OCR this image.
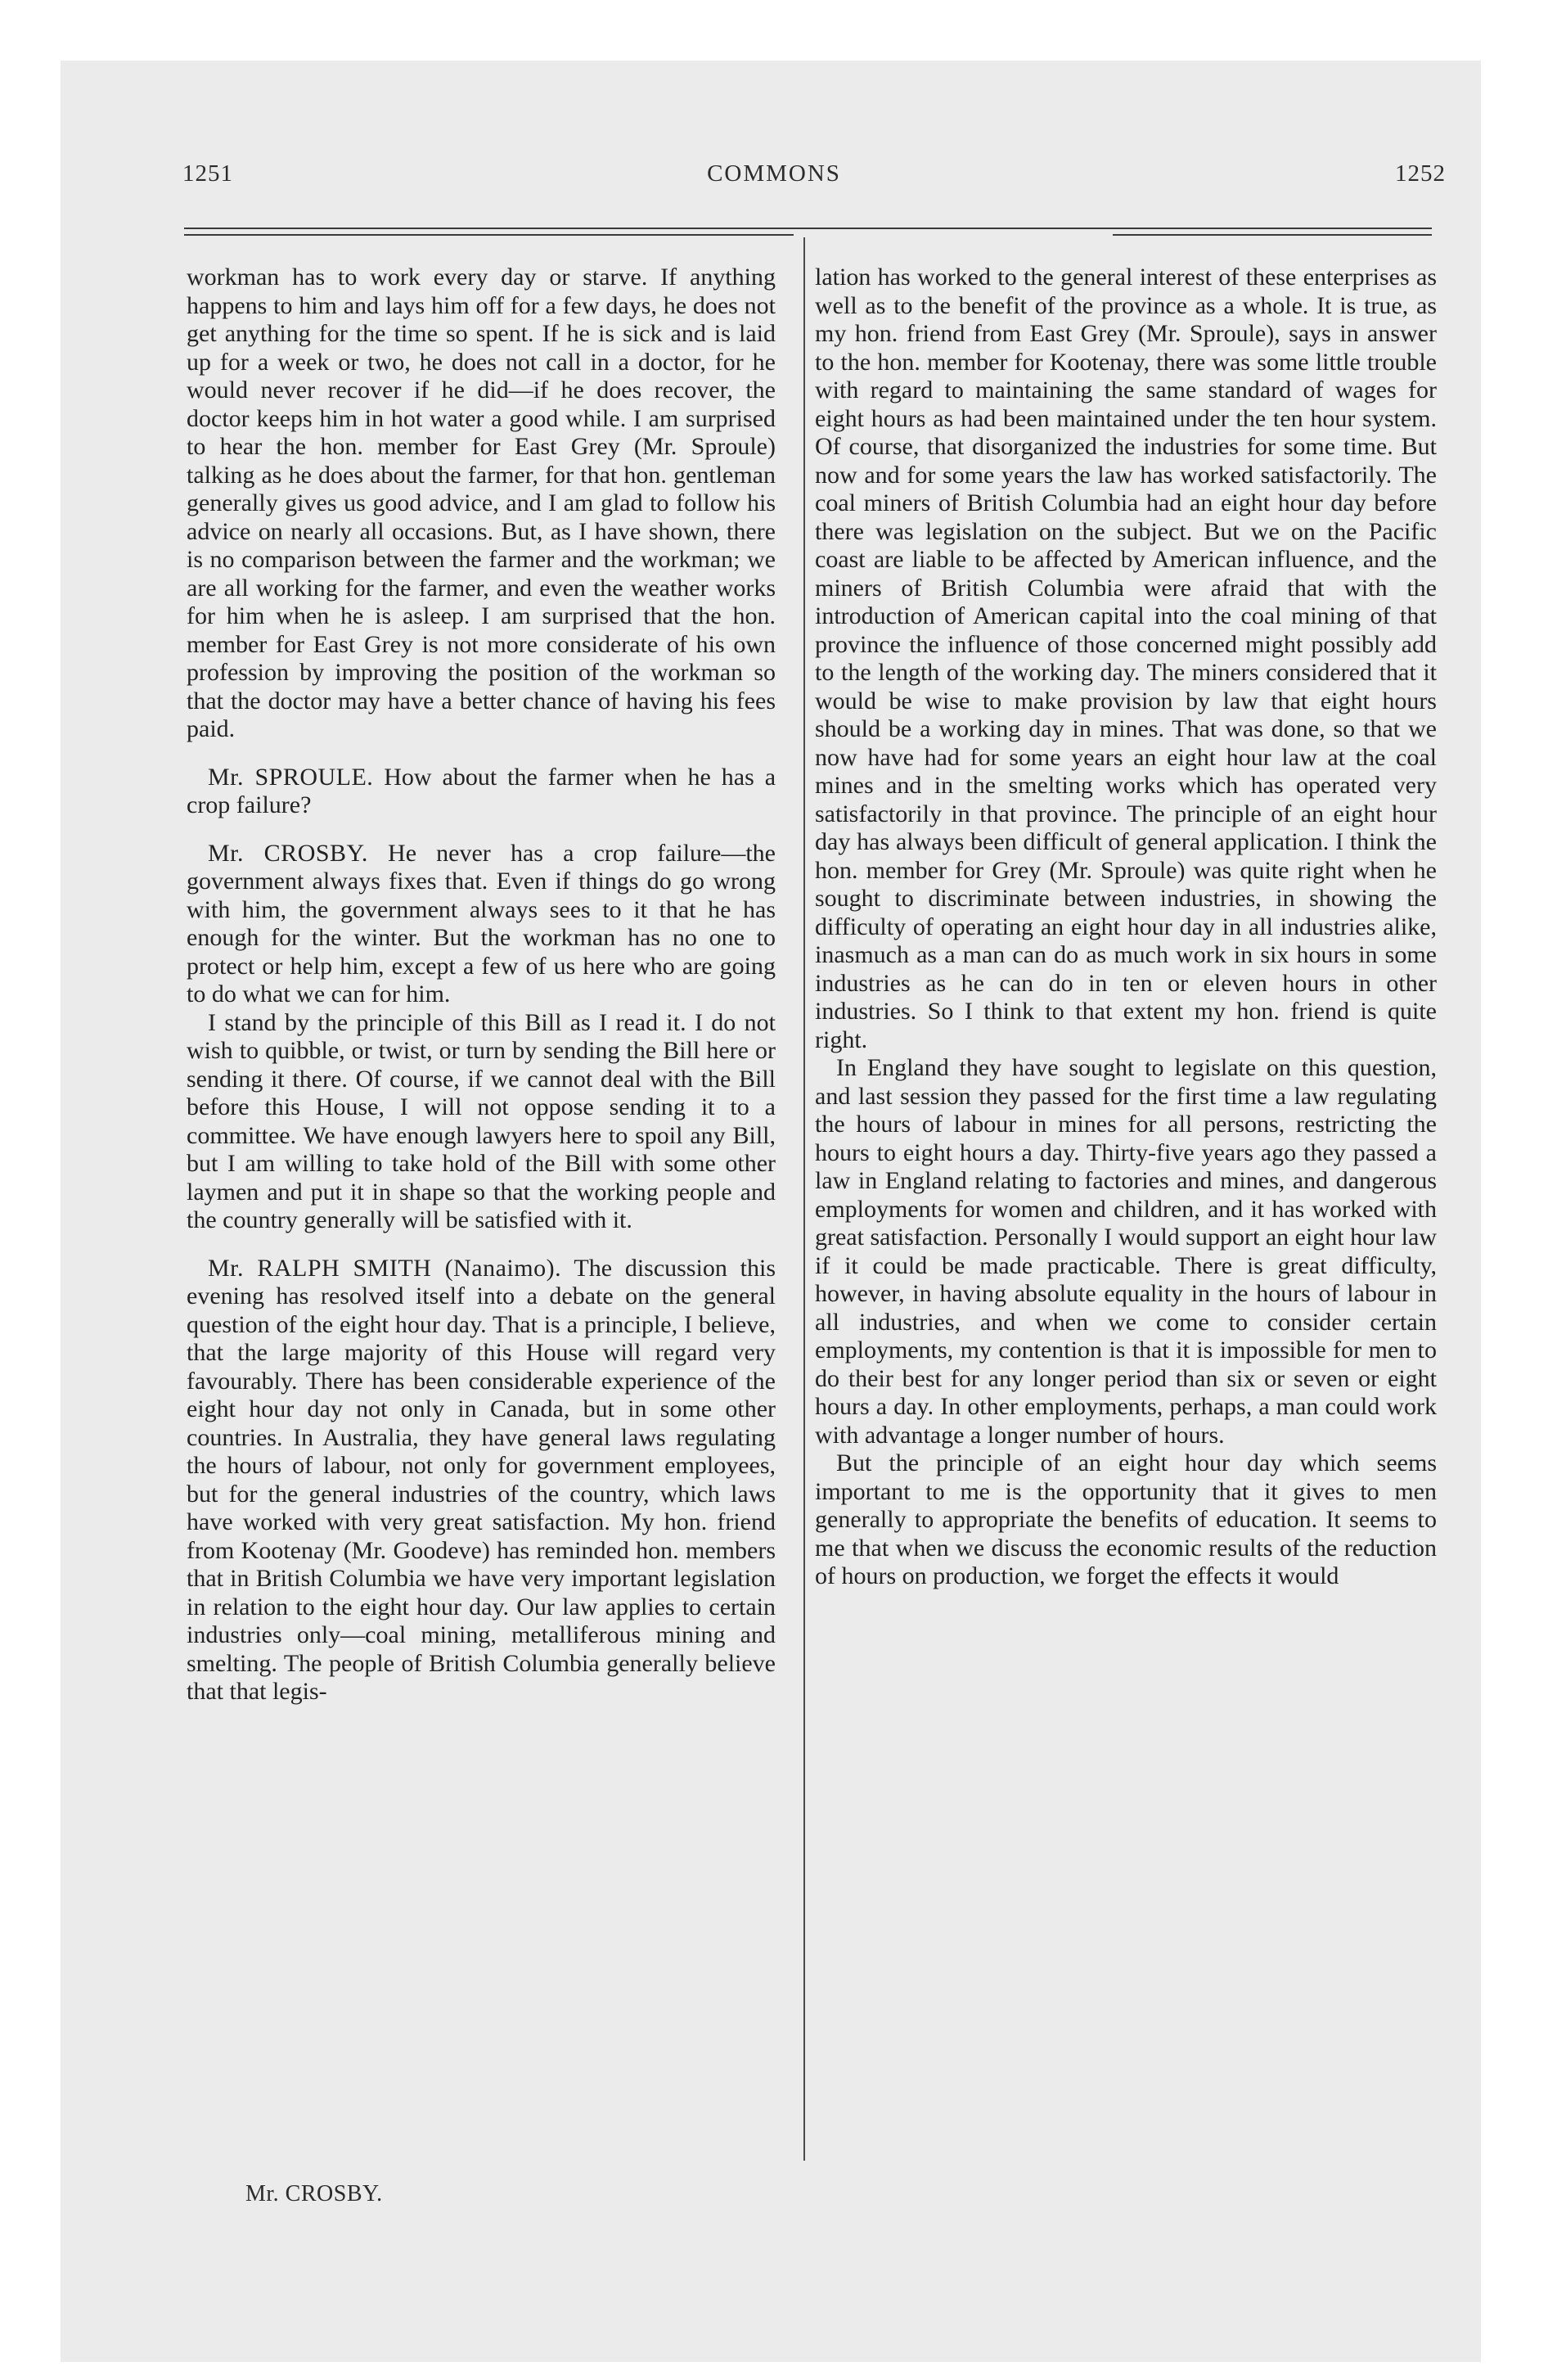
1251	COMMONS	1252

workman has to work every day or starve. If anything happens to him and lays him off for a few days, he does not get anything for the time so spent. If he is sick and is laid up for a week or two, he does not call in a doctor, for he would never recover if he did—if he does recover, the doctor keeps him in hot water a good while. I am surprised to hear the hon. member for East Grey (Mr. Sproule) talking as he does about the farmer, for that hon. gentleman generally gives us good advice, and I am glad to follow his advice on nearly all occasions. But, as I have shown, there is no comparison between the farmer and the workman; we are all working for the farmer, and even the weather works for him when he is asleep. I am surprised that the hon. member for East Grey is not more considerate of his own profession by improving the position of the workman so that the doctor may have a better chance of having his fees paid.

Mr. SPROULE. How about the farmer when he has a crop failure?

Mr. CROSBY. He never has a crop failure—the government always fixes that. Even if things do go wrong with him, the government always sees to it that he has enough for the winter. But the workman has no one to protect or help him, except a few of us here who are going to do what we can for him.

I stand by the principle of this Bill as I read it. I do not wish to quibble, or twist, or turn by sending the Bill here or sending it there. Of course, if we cannot deal with the Bill before this House, I will not oppose sending it to a committee. We have enough lawyers here to spoil any Bill, but I am willing to take hold of the Bill with some other laymen and put it in shape so that the working people and the country generally will be satisfied with it.

Mr. RALPH SMITH (Nanaimo). The discussion this evening has resolved itself into a debate on the general question of the eight hour day. That is a principle, I believe, that the large majority of this House will regard very favourably. There has been considerable experience of the eight hour day not only in Canada, but in some other countries. In Australia, they have general laws regulating the hours of labour, not only for government employees, but for the general industries of the country, which laws have worked with very great satisfaction. My hon. friend from Kootenay (Mr. Goodeve) has reminded hon. members that in British Columbia we have very important legislation in relation to the eight hour day. Our law applies to certain industries only—coal mining, metalliferous mining and smelting. The people of British Columbia generally believe that that legis-

lation has worked to the general interest of these enterprises as well as to the benefit of the province as a whole. It is true, as my hon. friend from East Grey (Mr. Sproule), says in answer to the hon. member for Kootenay, there was some little trouble with regard to maintaining the same standard of wages for eight hours as had been maintained under the ten hour system. Of course, that disorganized the industries for some time. But now and for some years the law has worked satisfactorily. The coal miners of British Columbia had an eight hour day before there was legislation on the subject. But we on the Pacific coast are liable to be affected by American influence, and the miners of British Columbia were afraid that with the introduction of American capital into the coal mining of that province the influence of those concerned might possibly add to the length of the working day. The miners considered that it would be wise to make provision by law that eight hours should be a working day in mines. That was done, so that we now have had for some years an eight hour law at the coal mines and in the smelting works which has operated very satisfactorily in that province. The principle of an eight hour day has always been difficult of general application. I think the hon. member for Grey (Mr. Sproule) was quite right when he sought to discriminate between industries, in showing the difficulty of operating an eight hour day in all industries alike, inasmuch as a man can do as much work in six hours in some industries as he can do in ten or eleven hours in other industries. So I think to that extent my hon. friend is quite right.

In England they have sought to legislate on this question, and last session they passed for the first time a law regulating the hours of labour in mines for all persons, restricting the hours to eight hours a day. Thirty-five years ago they passed a law in England relating to factories and mines, and dangerous employments for women and children, and it has worked with great satisfaction. Personally I would support an eight hour law if it could be made practicable. There is great difficulty, however, in having absolute equality in the hours of labour in all industries, and when we come to consider certain employments, my contention is that it is impossible for men to do their best for any longer period than six or seven or eight hours a day. In other employments, perhaps, a man could work with advantage a longer number of hours.

But the principle of an eight hour day which seems important to me is the opportunity that it gives to men generally to appropriate the benefits of education. It seems to me that when we discuss the economic results of the reduction of hours on production, we forget the effects it would

Mr. CROSBY.
